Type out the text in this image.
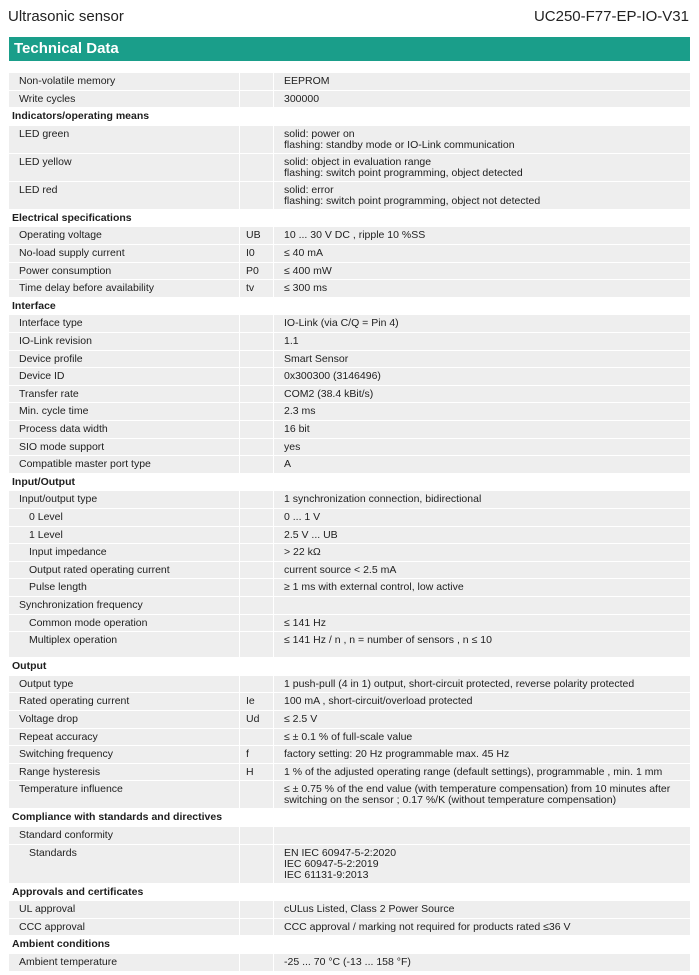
Ultrasonic sensor	UC250-F77-EP-IO-V31
Technical Data
Non-volatile memory	EEPROM
Write cycles	300000
Indicators/operating means
LED green	solid: power on
flashing: standby mode or IO-Link communication
LED yellow	solid: object in evaluation range
flashing: switch point programming, object detected
LED red	solid: error
flashing: switch point programming, object not detected
Electrical specifications
Operating voltage	UB	10 ... 30 V DC , ripple 10 %SS
No-load supply current	I0	≤ 40 mA
Power consumption	P0	≤ 400 mW
Time delay before availability	tv	≤ 300 ms
Interface
Interface type	IO-Link (via C/Q = Pin 4)
IO-Link revision	1.1
Device profile	Smart Sensor
Device ID	0x300300 (3146496)
Transfer rate	COM2 (38.4 kBit/s)
Min. cycle time	2.3 ms
Process data width	16 bit
SIO mode support	yes
Compatible master port type	A
Input/Output
Input/output type	1 synchronization connection, bidirectional
0 Level	0 ... 1 V
1 Level	2.5 V ... UB
Input impedance	> 22 kΩ
Output rated operating current	current source < 2.5 mA
Pulse length	≥ 1 ms with external control, low active
Synchronization frequency
Common mode operation	≤ 141 Hz
Multiplex operation	≤ 141 Hz / n , n = number of sensors , n ≤ 10
Output
Output type	1 push-pull (4 in 1) output, short-circuit protected, reverse polarity protected
Rated operating current	Ie	100 mA , short-circuit/overload protected
Voltage drop	Ud	≤ 2.5 V
Repeat accuracy	≤ ± 0.1 % of full-scale value
Switching frequency	f	factory setting: 20 Hz programmable max. 45 Hz
Range hysteresis	H	1 % of the adjusted operating range (default settings), programmable , min. 1 mm
Temperature influence	≤ ± 0.75 % of the end value (with temperature compensation) from 10 minutes after
switching on the sensor ; 0.17 %/K (without temperature compensation)
Compliance with standards and directives
Standard conformity
Standards	EN IEC 60947-5-2:2020
IEC 60947-5-2:2019
IEC 61131-9:2013
Approvals and certificates
UL approval	cULus Listed, Class 2 Power Source
CCC approval	CCC approval / marking not required for products rated ≤36 V
Ambient conditions
Ambient temperature	-25 ... 70 °C (-13 ... 158 °F)
